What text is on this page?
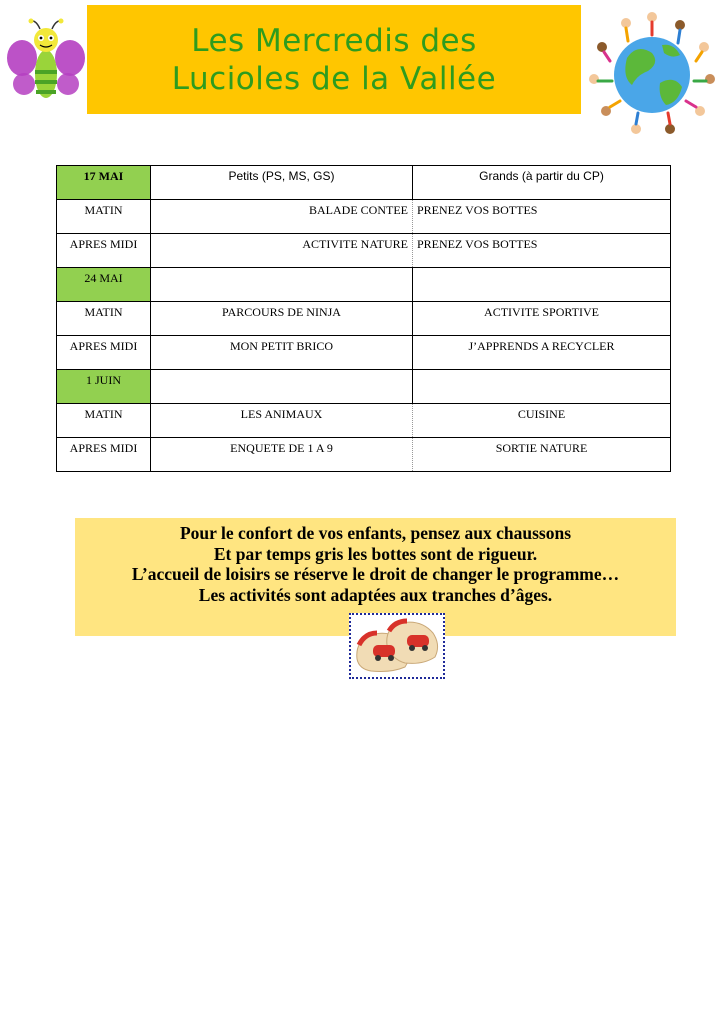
Les Mercredis des
Lucioles de la Vallée
17 MAI	Petits (PS, MS, GS)	Grands (à partir du CP)
MATIN	BALADE CONTEE	PRENEZ VOS BOTTES
APRES MIDI	ACTIVITE NATURE	PRENEZ VOS BOTTES
24 MAI		
MATIN	PARCOURS DE NINJA	ACTIVITE SPORTIVE
APRES MIDI	MON PETIT BRICO	J’APPRENDS A RECYCLER
1 JUIN		
MATIN	LES ANIMAUX	CUISINE
APRES MIDI	ENQUETE DE 1 A 9	SORTIE NATURE
Pour le confort de vos enfants, pensez aux chaussons
Et par temps gris les bottes sont de rigueur.
L’accueil de loisirs se réserve le droit de changer le programme…
Les activités sont adaptées aux tranches d’âges.
